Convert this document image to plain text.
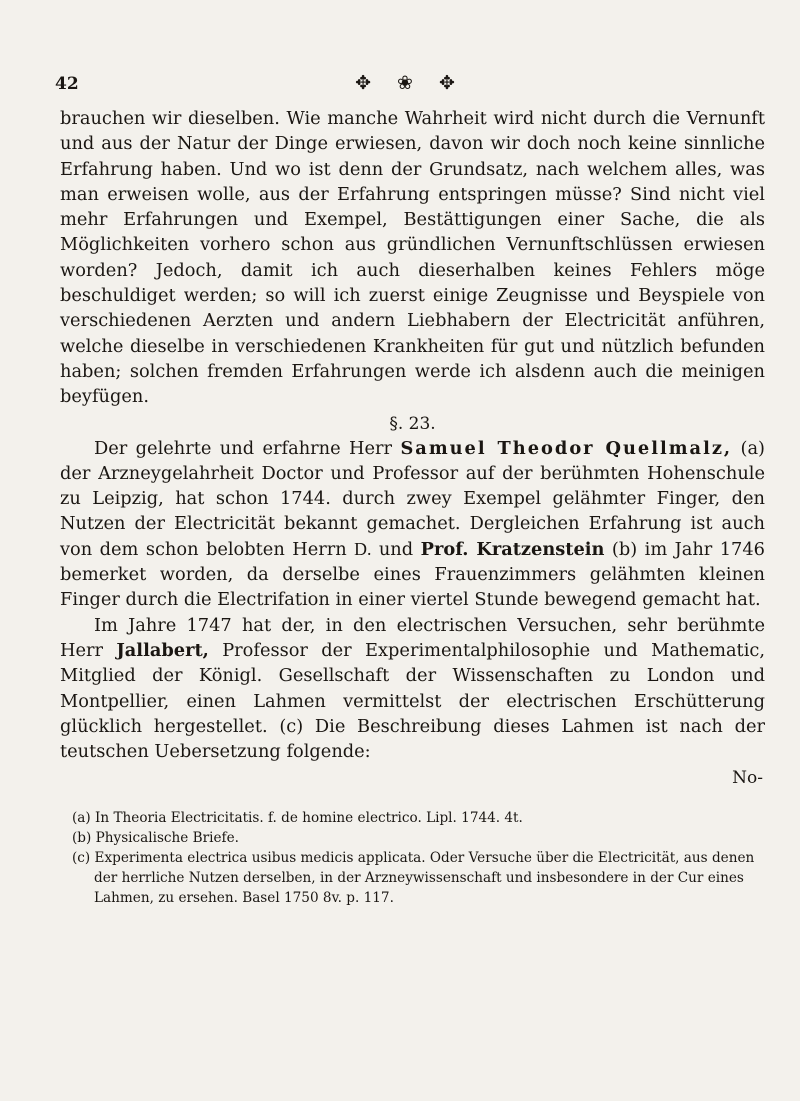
42	✥ ❀ ✥

brauchen wir dieselben. Wie manche Wahrheit wird nicht durch die Vernunft und aus der Natur der Dinge erwiesen, davon wir doch noch keine sinnliche Erfahrung haben. Und wo ist denn der Grundsatz, nach welchem alles, was man erweisen wolle, aus der Erfahrung entspringen müsse? Sind nicht viel mehr Erfahrungen und Exempel, Bestättigungen einer Sache, die als Möglichkeiten vorhero schon aus gründlichen Vernunftschlüssen erwiesen worden? Jedoch, damit ich auch dieserhalben keines Fehlers möge beschuldiget werden; so will ich zuerst einige Zeugnisse und Beyspiele von verschiedenen Aerzten und andern Liebhabern der Electricität anführen, welche dieselbe in verschiedenen Krankheiten für gut und nützlich befunden haben; solchen fremden Erfahrungen werde ich alsdenn auch die meinigen beyfügen.

§. 23.

Der gelehrte und erfahrne Herr Samuel Theodor Quellmalz, (a) der Arzneygelahrheit Doctor und Professor auf der berühmten Hohenschule zu Leipzig, hat schon 1744. durch zwey Exempel gelähmter Finger, den Nutzen der Electricität bekannt gemachet. Dergleichen Erfahrung ist auch von dem schon belobten Herrn D. und Prof. Kratzenstein (b) im Jahr 1746 bemerket worden, da derselbe eines Frauenzimmers gelähmten kleinen Finger durch die Electrifation in einer viertel Stunde bewegend gemacht hat.

Im Jahre 1747 hat der, in den electrischen Versuchen, sehr berühmte Herr Jallabert, Professor der Experimentalphilosophie und Mathematic, Mitglied der Königl. Gesellschaft der Wissenschaften zu London und Montpellier, einen Lahmen vermittelst der electrischen Erschütterung glücklich hergestellet. (c) Die Beschreibung dieses Lahmen ist nach der teutschen Uebersetzung folgende:

No-

(a) In Theoria Electricitatis. f. de homine electrico. Lipl. 1744. 4t.

(b) Physicalische Briefe.

(c) Experimenta electrica usibus medicis applicata. Oder Versuche über die Electricität, aus denen der herrliche Nutzen derselben, in der Arzneywissenschaft und insbesondere in der Cur eines Lahmen, zu ersehen. Basel 1750 8v. p. 117.
